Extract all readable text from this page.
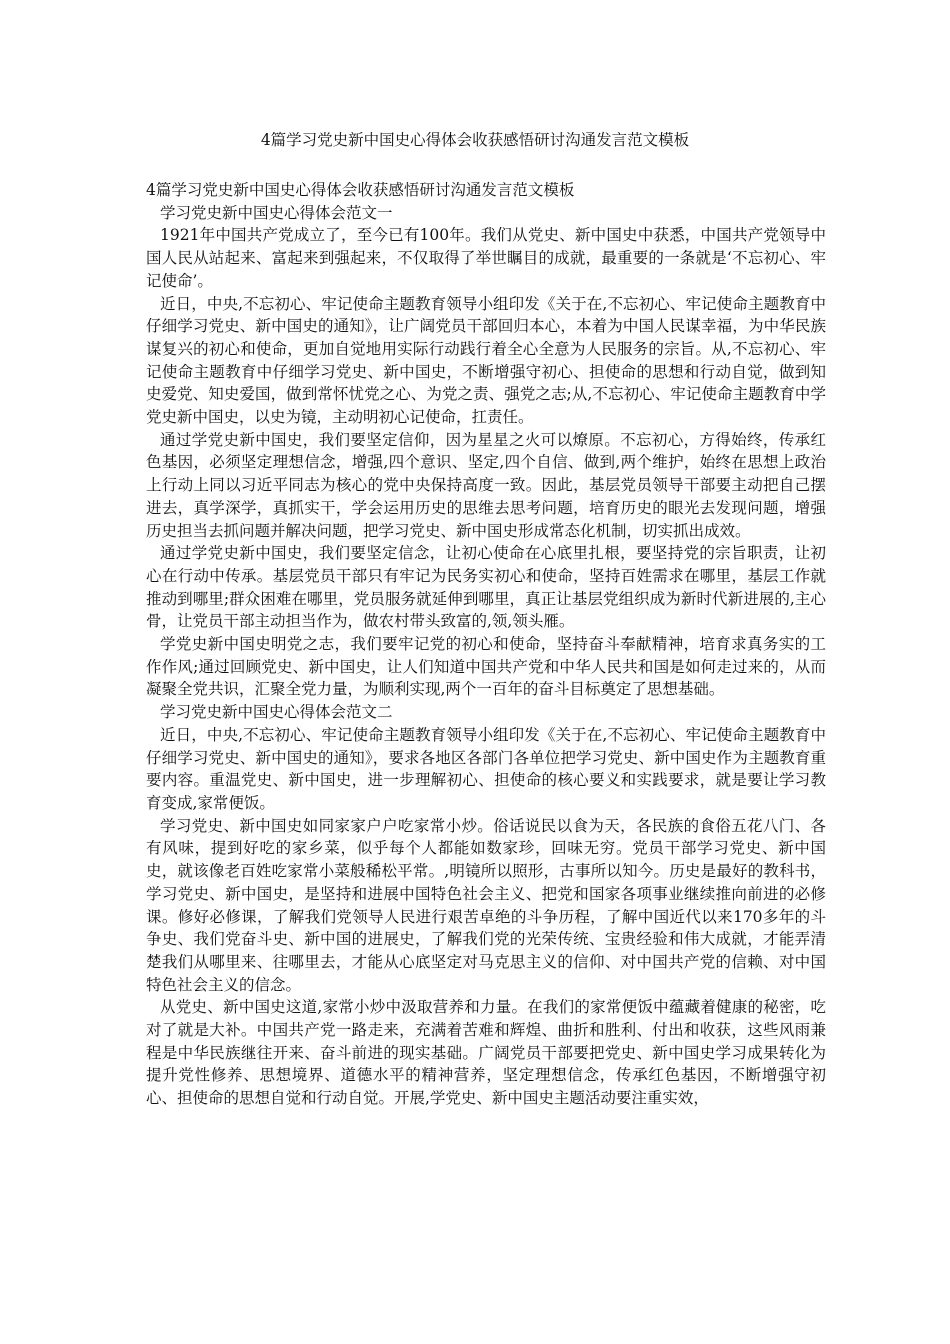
4篇学习党史新中国史心得体会收获感悟研讨沟通发言范文模板

4篇学习党史新中国史心得体会收获感悟研讨沟通发言范文模板

学习党史新中国史心得体会范文一

1921年中国共产党成立了，至今已有100年。我们从党史、新中国史中获悉，中国共产党领导中国人民从站起来、富起来到强起来，不仅取得了举世瞩目的成就，最重要的一条就是‘不忘初心、牢记使命’。

近日，中央,不忘初心、牢记使命主题教育领导小组印发《关于在,不忘初心、牢记使命主题教育中仔细学习党史、新中国史的通知》，让广阔党员干部回归本心，本着为中国人民谋幸福，为中华民族谋复兴的初心和使命，更加自觉地用实际行动践行着全心全意为人民服务的宗旨。从,不忘初心、牢记使命主题教育中仔细学习党史、新中国史，不断增强守初心、担使命的思想和行动自觉，做到知史爱党、知史爱国，做到常怀忧党之心、为党之责、强党之志;从,不忘初心、牢记使命主题教育中学党史新中国史，以史为镜，主动明初心记使命，扛责任。

通过学党史新中国史，我们要坚定信仰，因为星星之火可以燎原。不忘初心，方得始终，传承红色基因，必须坚定理想信念，增强,四个意识、坚定,四个自信、做到,两个维护，始终在思想上政治上行动上同以习近平同志为核心的党中央保持高度一致。因此，基层党员领导干部要主动把自己摆进去，真学深学，真抓实干，学会运用历史的思维去思考问题，培育历史的眼光去发现问题，增强历史担当去抓问题并解决问题，把学习党史、新中国史形成常态化机制，切实抓出成效。

通过学党史新中国史，我们要坚定信念，让初心使命在心底里扎根，要坚持党的宗旨职责，让初心在行动中传承。基层党员干部只有牢记为民务实初心和使命，坚持百姓需求在哪里，基层工作就推动到哪里;群众困难在哪里，党员服务就延伸到哪里，真正让基层党组织成为新时代新进展的,主心骨，让党员干部主动担当作为，做农村带头致富的,领,领头雁。

学党史新中国史明党之志，我们要牢记党的初心和使命，坚持奋斗奉献精神，培育求真务实的工作作风;通过回顾党史、新中国史，让人们知道中国共产党和中华人民共和国是如何走过来的，从而凝聚全党共识，汇聚全党力量，为顺利实现,两个一百年的奋斗目标奠定了思想基础。

学习党史新中国史心得体会范文二

近日，中央,不忘初心、牢记使命主题教育领导小组印发《关于在,不忘初心、牢记使命主题教育中仔细学习党史、新中国史的通知》，要求各地区各部门各单位把学习党史、新中国史作为主题教育重要内容。重温党史、新中国史，进一步理解初心、担使命的核心要义和实践要求，就是要让学习教育变成,家常便饭。

学习党史、新中国史如同家家户户吃家常小炒。俗话说民以食为天，各民族的食俗五花八门、各有风味，提到好吃的家乡菜，似乎每个人都能如数家珍，回味无穷。党员干部学习党史、新中国史，就该像老百姓吃家常小菜般稀松平常。,明镜所以照形，古事所以知今。历史是最好的教科书，学习党史、新中国史，是坚持和进展中国特色社会主义、把党和国家各项事业继续推向前进的必修课。修好必修课，了解我们党领导人民进行艰苦卓绝的斗争历程，了解中国近代以来170多年的斗争史、我们党奋斗史、新中国的进展史，了解我们党的光荣传统、宝贵经验和伟大成就，才能弄清楚我们从哪里来、往哪里去，才能从心底坚定对马克思主义的信仰、对中国共产党的信赖、对中国特色社会主义的信念。

从党史、新中国史这道,家常小炒中汲取营养和力量。在我们的家常便饭中蕴藏着健康的秘密，吃对了就是大补。中国共产党一路走来，充满着苦难和辉煌、曲折和胜利、付出和收获，这些风雨兼程是中华民族继往开来、奋斗前进的现实基础。广阔党员干部要把党史、新中国史学习成果转化为提升党性修养、思想境界、道德水平的精神营养，坚定理想信念，传承红色基因，不断增强守初心、担使命的思想自觉和行动自觉。开展,学党史、新中国史主题活动要注重实效，
